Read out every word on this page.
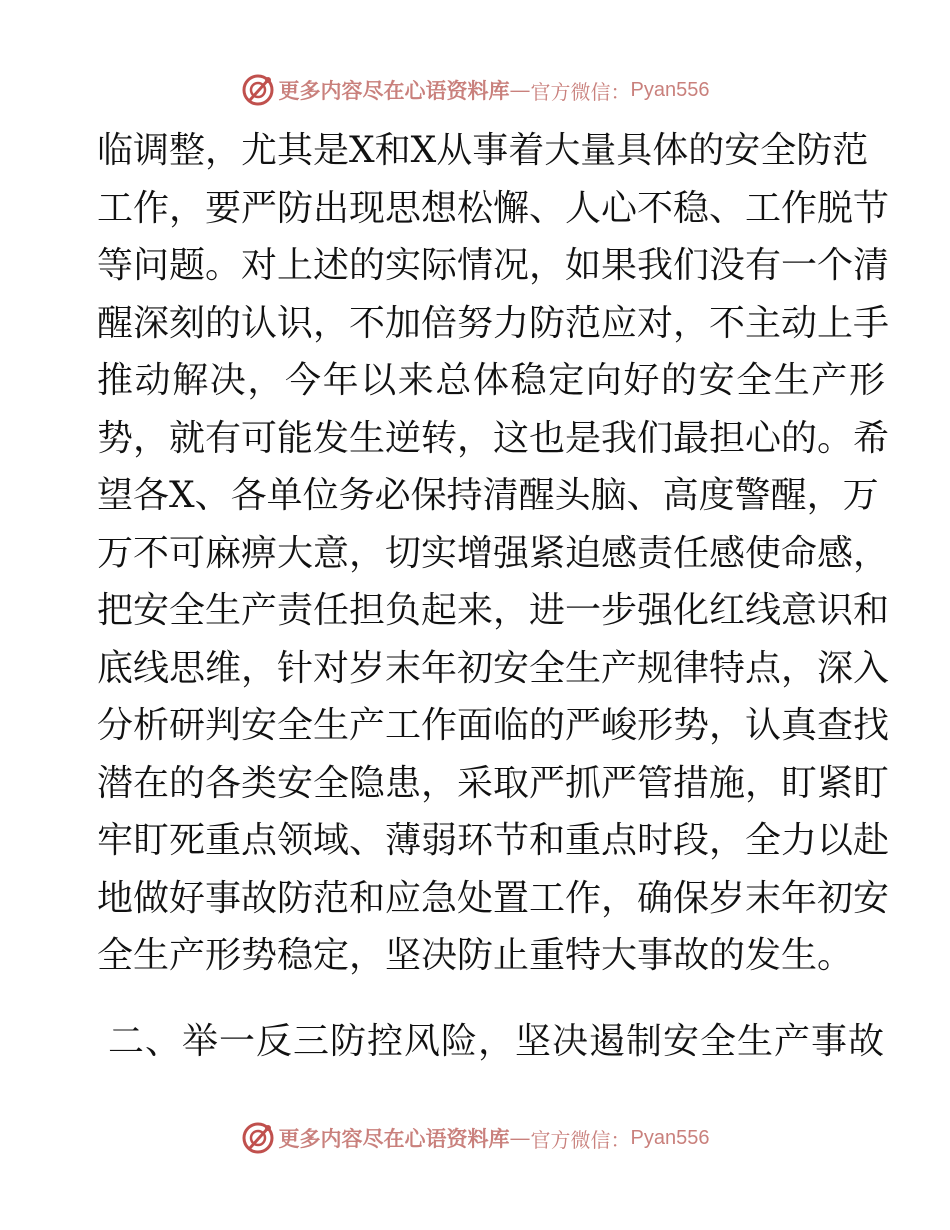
更多内容尽在心语资料库 — 官方微信： Pyan556
临调整，尤其是X和X从事着大量具体的安全防范
工作，要严防出现思想松懈、人心不稳、工作脱节
等问题。对上述的实际情况，如果我们没有一个清
醒深刻的认识，不加倍努力防范应对，不主动上手
推动解决，今年以来总体稳定向好的安全生产形
势，就有可能发生逆转，这也是我们最担心的。希
望各X、各单位务必保持清醒头脑、高度警醒，万
万不可麻痹大意，切实增强紧迫感责任感使命感，
把安全生产责任担负起来，进一步强化红线意识和
底线思维，针对岁末年初安全生产规律特点，深入
分析研判安全生产工作面临的严峻形势，认真查找
潜在的各类安全隐患，采取严抓严管措施，盯紧盯
牢盯死重点领域、薄弱环节和重点时段，全力以赴
地做好事故防范和应急处置工作，确保岁末年初安
全生产形势稳定，坚决防止重特大事故的发生。
二、举一反三防控风险，坚决遏制安全生产事故
更多内容尽在心语资料库 — 官方微信： Pyan556
